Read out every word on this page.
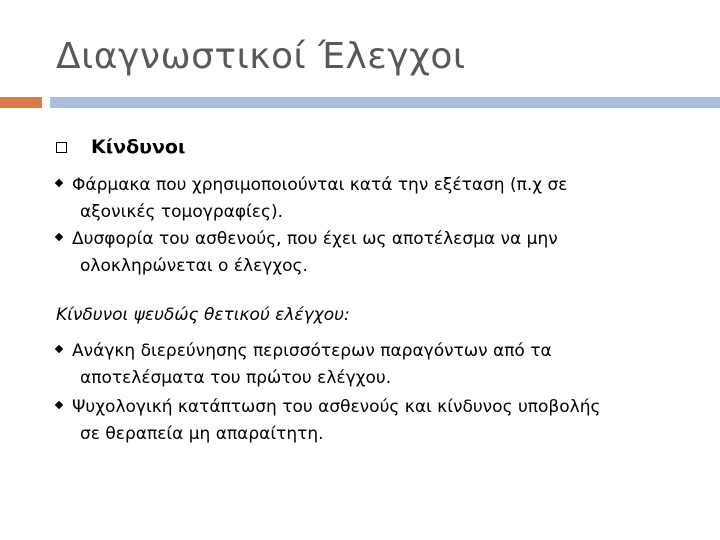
Διαγνωστικοί Έλεγχοι
Κίνδυνοι
Φάρμακα που χρησιμοποιούνται κατά την εξέταση (π.χ σε
αξονικές τομογραφίες).
Δυσφορία του ασθενούς, που έχει ως αποτέλεσμα να μην
ολοκληρώνεται ο έλεγχος.
Κίνδυνοι ψευδώς θετικού ελέγχου:
Ανάγκη διερεύνησης περισσότερων παραγόντων από τα
αποτελέσματα του πρώτου ελέγχου.
Ψυχολογική κατάπτωση του ασθενούς και κίνδυνος υποβολής
σε θεραπεία μη απαραίτητη.
